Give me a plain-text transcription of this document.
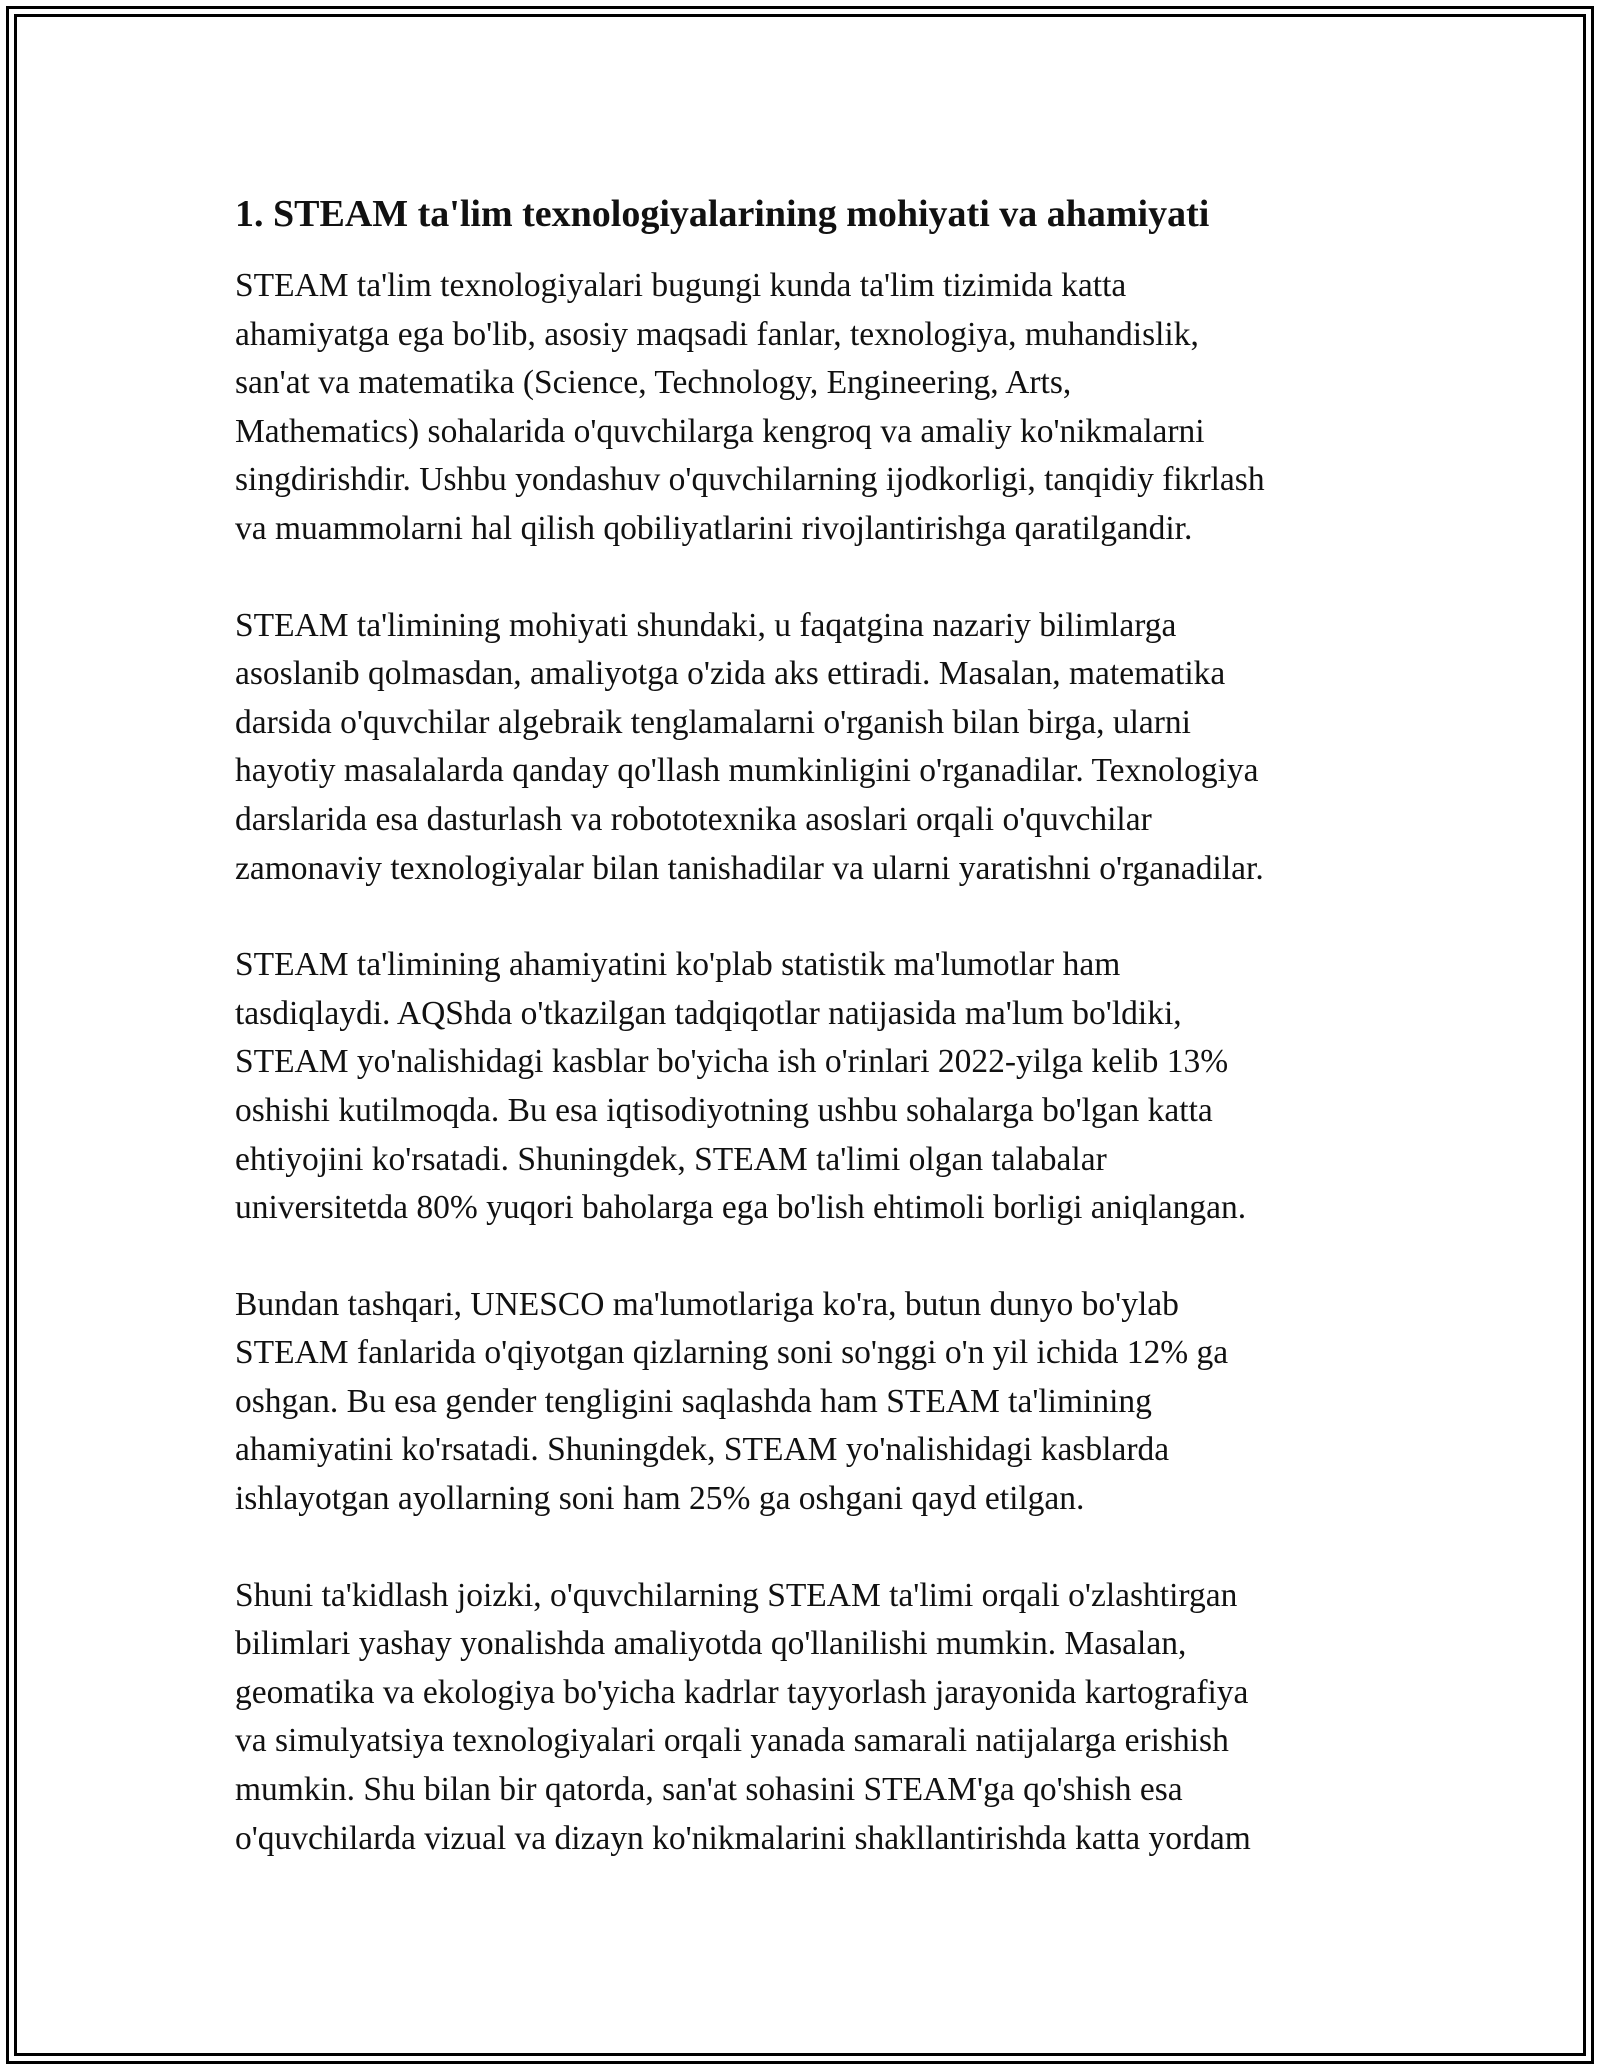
1. STEAM ta'lim texnologiyalarining mohiyati va ahamiyati

STEAM ta'lim texnologiyalari bugungi kunda ta'lim tizimida katta
ahamiyatga ega bo'lib, asosiy maqsadi fanlar, texnologiya, muhandislik,
san'at va matematika (Science, Technology, Engineering, Arts,
Mathematics) sohalarida o'quvchilarga kengroq va amaliy ko'nikmalarni
singdirishdir. Ushbu yondashuv o'quvchilarning ijodkorligi, tanqidiy fikrlash
va muammolarni hal qilish qobiliyatlarini rivojlantirishga qaratilgandir.

STEAM ta'limining mohiyati shundaki, u faqatgina nazariy bilimlarga
asoslanib qolmasdan, amaliyotga o'zida aks ettiradi. Masalan, matematika
darsida o'quvchilar algebraik tenglamalarni o'rganish bilan birga, ularni
hayotiy masalalarda qanday qo'llash mumkinligini o'rganadilar. Texnologiya
darslarida esa dasturlash va robototexnika asoslari orqali o'quvchilar
zamonaviy texnologiyalar bilan tanishadilar va ularni yaratishni o'rganadilar.

STEAM ta'limining ahamiyatini ko'plab statistik ma'lumotlar ham
tasdiqlaydi. AQShda o'tkazilgan tadqiqotlar natijasida ma'lum bo'ldiki,
STEAM yo'nalishidagi kasblar bo'yicha ish o'rinlari 2022-yilga kelib 13%
oshishi kutilmoqda. Bu esa iqtisodiyotning ushbu sohalarga bo'lgan katta
ehtiyojini ko'rsatadi. Shuningdek, STEAM ta'limi olgan talabalar
universitetda 80% yuqori baholarga ega bo'lish ehtimoli borligi aniqlangan.

Bundan tashqari, UNESCO ma'lumotlariga ko'ra, butun dunyo bo'ylab
STEAM fanlarida o'qiyotgan qizlarning soni so'nggi o'n yil ichida 12% ga
oshgan. Bu esa gender tengligini saqlashda ham STEAM ta'limining
ahamiyatini ko'rsatadi. Shuningdek, STEAM yo'nalishidagi kasblarda
ishlayotgan ayollarning soni ham 25% ga oshgani qayd etilgan.

Shuni ta'kidlash joizki, o'quvchilarning STEAM ta'limi orqali o'zlashtirgan
bilimlari yashay yonalishda amaliyotda qo'llanilishi mumkin. Masalan,
geomatika va ekologiya bo'yicha kadrlar tayyorlash jarayonida kartografiya
va simulyatsiya texnologiyalari orqali yanada samarali natijalarga erishish
mumkin. Shu bilan bir qatorda, san'at sohasini STEAM'ga qo'shish esa
o'quvchilarda vizual va dizayn ko'nikmalarini shakllantirishda katta yordam
